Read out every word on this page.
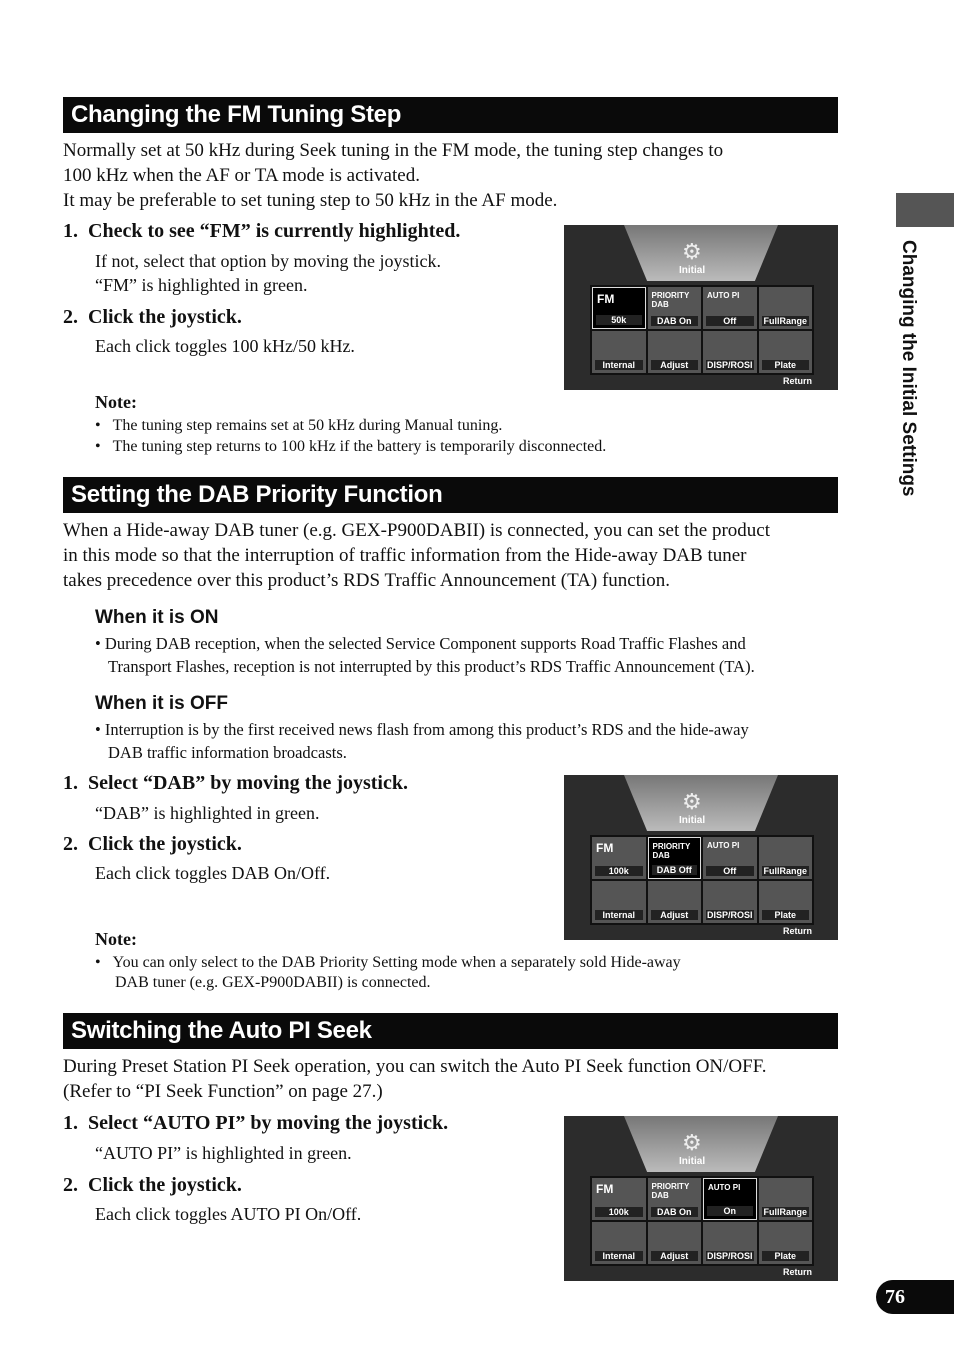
Changing the Initial Settings
76
Changing the FM Tuning Step
Normally set at 50 kHz during Seek tuning in the FM mode, the tuning step changes to
100 kHz when the AF or TA mode is activated.
It may be preferable to set tuning step to 50 kHz in the AF mode.
1.  Check to see “FM” is currently highlighted.
If not, select that option by moving the joystick.
“FM” is highlighted in green.
2.  Click the joystick.
Each click toggles 100 kHz/50 kHz.
Note:
•   The tuning step remains set at 50 kHz during Manual tuning.
•   The tuning step returns to 100 kHz if the battery is temporarily disconnected.
⚙
Initial
FM
50k
PRIORITY DAB
DAB On
AUTO PI
Off	FullRange
Internal	Adjust	DISP/ROSI	Plate
Return
Setting the DAB Priority Function
When a Hide-away DAB tuner (e.g. GEX-P900DABII) is connected, you can set the product
in this mode so that the interruption of traffic information from the Hide-away DAB tuner
takes precedence over this product’s RDS Traffic Announcement (TA) function.
When it is ON
• During DAB reception, when the selected Service Component supports Road Traffic Flashes and
Transport Flashes, reception is not interrupted by this product’s RDS Traffic Announcement (TA).
When it is OFF
• Interruption is by the first received news flash from among this product’s RDS and the hide-away
DAB traffic information broadcasts.
1.  Select “DAB” by moving the joystick.
“DAB” is highlighted in green.
2.  Click the joystick.
Each click toggles DAB On/Off.
Note:
•   You can only select to the DAB Priority Setting mode when a separately sold Hide-away
DAB tuner (e.g. GEX-P900DABII) is connected.
⚙
Initial
FM
100k
PRIORITY DAB
DAB Off
AUTO PI
Off	FullRange
Internal	Adjust	DISP/ROSI	Plate
Return
Switching the Auto PI Seek
During Preset Station PI Seek operation, you can switch the Auto PI Seek function ON/OFF.
(Refer to “PI Seek Function” on page 27.)
1.  Select “AUTO PI” by moving the joystick.
“AUTO PI” is highlighted in green.
2.  Click the joystick.
Each click toggles AUTO PI On/Off.
⚙
Initial
FM
100k
PRIORITY DAB
DAB On
AUTO PI
On	FullRange
Internal	Adjust	DISP/ROSI	Plate
Return
